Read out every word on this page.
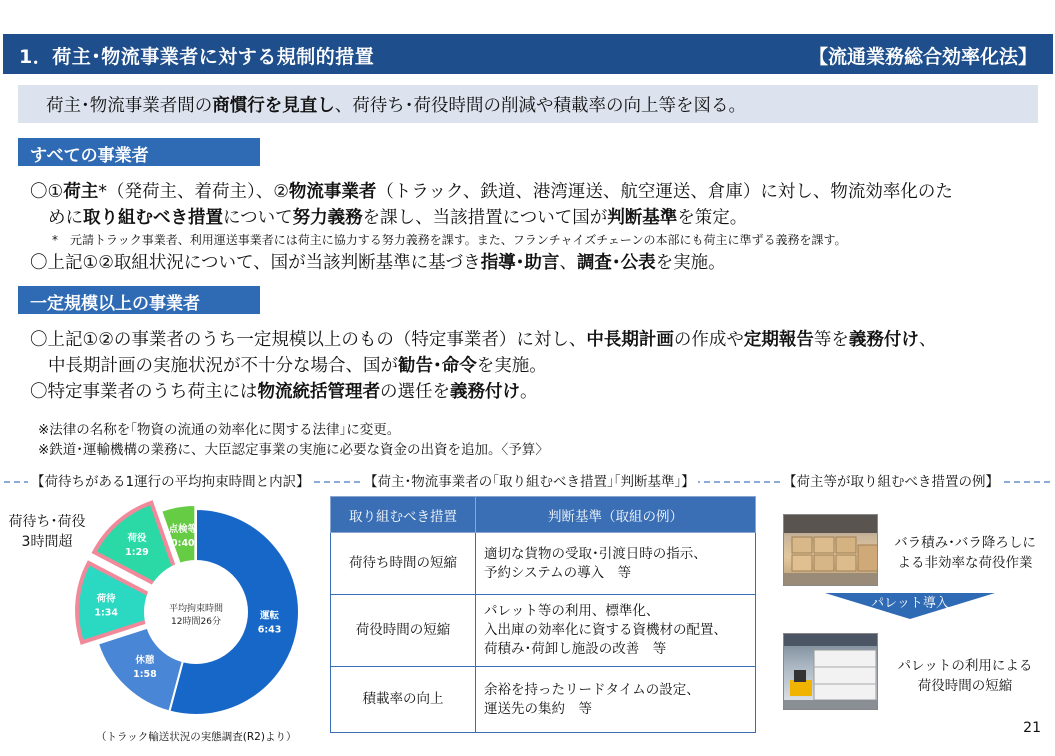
1．荷主･物流事業者に対する規制的措置	【流通業務総合効率化法】
荷主･物流事業者間の商慣行を見直し、荷待ち･荷役時間の削減や積載率の向上等を図る。
すべての事業者
〇①荷主*（発荷主、着荷主）、②物流事業者（トラック、鉄道、港湾運送、航空運送、倉庫）に対し、物流効率化のた
めに取り組むべき措置について努力義務を課し、当該措置について国が判断基準を策定。
*　元請トラック事業者、利用運送事業者には荷主に協力する努力義務を課す。また、フランチャイズチェーンの本部にも荷主に準ずる義務を課す。
〇上記①②取組状況について、国が当該判断基準に基づき指導･助言、調査･公表を実施。
一定規模以上の事業者
〇上記①②の事業者のうち一定規模以上のもの（特定事業者）に対し、中長期計画の作成や定期報告等を義務付け、
中長期計画の実施状況が不十分な場合、国が勧告･命令を実施。
〇特定事業者のうち荷主には物流統括管理者の選任を義務付け。
※法律の名称を｢物資の流通の効率化に関する法律｣に変更。
※鉄道･運輸機構の業務に、大臣認定事業の実施に必要な資金の出資を追加。〈予算〉
【荷待ちがある1運行の平均拘束時間と内訳】	【荷主･物流事業者の｢取り組むべき措置｣｢判断基準｣】	【荷主等が取り組むべき措置の例】
平均拘束時間
12時間26分
運転
6:43
休憩
1:58
荷待
1:34
荷役
1:29
点検等
0:40
荷待ち･荷役
3時間超
（トラック輸送状況の実態調査(R2)より）
取り組むべき措置	判断基準（取組の例）
荷待ち時間の短縮	適切な貨物の受取･引渡日時の指示、
予約システムの導入　等

荷役時間の短縮	パレット等の利用、標準化、
入出庫の効率化に資する資機材の配置、
荷積み･荷卸し施設の改善　等

積載率の向上	余裕を持ったリードタイムの設定、
運送先の集約　等
バラ積み･バラ降ろしに
よる非効率な荷役作業
パレット導入
パレットの利用による
荷役時間の短縮
21
